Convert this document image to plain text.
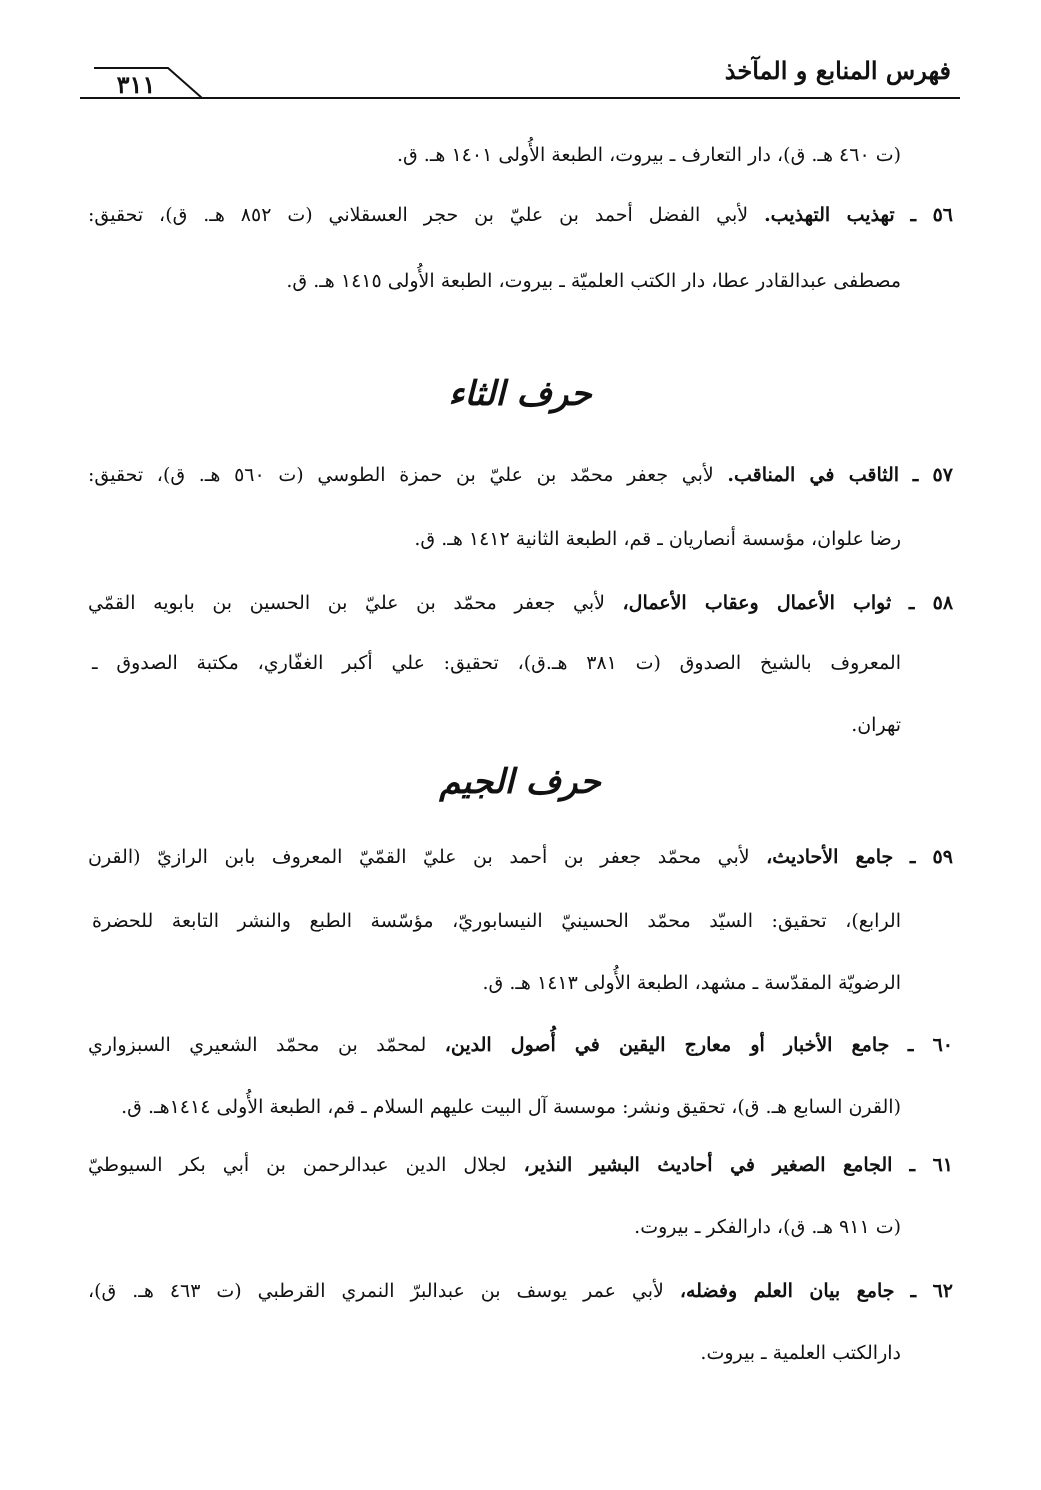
فهرس المنابع و المآخذ
٣١١
(ت ٤٦٠ هـ. ق)، دار التعارف ـ بيروت، الطبعة الأُولى ١٤٠١ هـ. ق.
٥٦ ـ تهذيب التهذيب. لأبي الفضل أحمد بن عليّ بن حجر العسقلاني (ت ٨٥٢ هـ. ق)، تحقيق:
مصطفى عبدالقادر عطا، دار الكتب العلميّة ـ بيروت، الطبعة الأُولى ١٤١٥ هـ. ق.
حرف الثاء
٥٧ ـ الثاقب في المناقب. لأبي جعفر محمّد بن عليّ بن حمزة الطوسي (ت ٥٦٠ هـ. ق)، تحقيق:
رضا علوان، مؤسسة أنصاريان ـ قم، الطبعة الثانية ١٤١٢ هـ. ق.
٥٨ ـ ثواب الأعمال وعقاب الأعمال، لأبي جعفر محمّد بن عليّ بن الحسين بن بابويه القمّي
المعروف بالشيخ الصدوق (ت ٣٨١ هـ.ق)، تحقيق: علي أكبر الغفّاري، مكتبة الصدوق ـ
تهران.
حرف الجيم
٥٩ ـ جامع الأحاديث، لأبي محمّد جعفر بن أحمد بن عليّ القمّيّ المعروف بابن الرازيّ (القرن
الرابع)، تحقيق: السيّد محمّد الحسينيّ النيسابوريّ، مؤسّسة الطبع والنشر التابعة للحضرة
الرضويّة المقدّسة ـ مشهد، الطبعة الأُولى ١٤١٣ هـ. ق.
٦٠ ـ جامع الأخبار أو معارج اليقين في أُصول الدين، لمحمّد بن محمّد الشعيري السبزواري
(القرن السابع هـ. ق)، تحقيق ونشر: موسسة آل البيت عليهم السلام ـ قم، الطبعة الأُولى ١٤١٤هـ. ق.
٦١ ـ الجامع الصغير في أحاديث البشير النذير، لجلال الدين عبدالرحمن بن أبي بكر السيوطيّ
(ت ٩١١ هـ. ق)، دارالفكر ـ بيروت.
٦٢ ـ جامع بيان العلم وفضله، لأبي عمر يوسف بن عبدالبرّ النمري القرطبي (ت ٤٦٣ هـ. ق)،
دارالكتب العلمية ـ بيروت.
